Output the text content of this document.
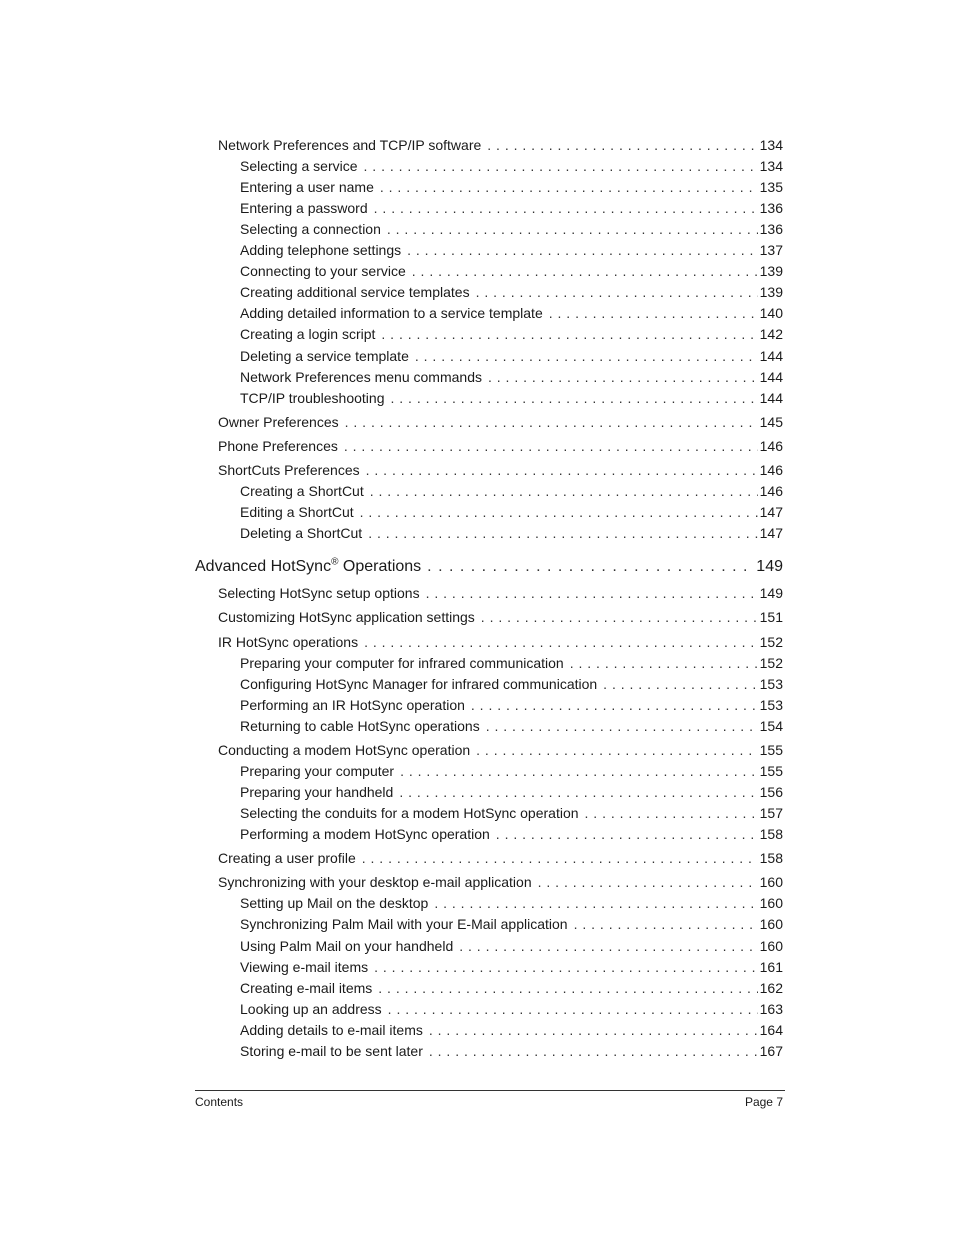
Network Preferences and TCP/IP software . . .	134
Selecting a service . . .	134
Entering a user name . . .	135
Entering a password . . .	136
Selecting a connection . . .	136
Adding telephone settings . . .	137
Connecting to your service . . .	139
Creating additional service templates . . .	139
Adding detailed information to a service template . . .	140
Creating a login script . . .	142
Deleting a service template . . .	144
Network Preferences menu commands . . .	144
TCP/IP troubleshooting . . .	144
Owner Preferences . . .	145
Phone Preferences . . .	146
ShortCuts Preferences . . .	146
Creating a ShortCut . . .	146
Editing a ShortCut . . .	147
Deleting a ShortCut . . .	147
Advanced HotSync® Operations . . .	149
Selecting HotSync setup options . . .	149
Customizing HotSync application settings . . .	151
IR HotSync operations . . .	152
Preparing your computer for infrared communication . . .	152
Configuring HotSync Manager for infrared communication . . .	153
Performing an IR HotSync operation . . .	153
Returning to cable HotSync operations . . .	154
Conducting a modem HotSync operation . . .	155
Preparing your computer . . .	155
Preparing your handheld . . .	156
Selecting the conduits for a modem HotSync operation . . .	157
Performing a modem HotSync operation . . .	158
Creating a user profile . . .	158
Synchronizing with your desktop e-mail application . . .	160
Setting up Mail on the desktop . . .	160
Synchronizing Palm Mail with your E-Mail application . . .	160
Using Palm Mail on your handheld . . .	160
Viewing e-mail items . . .	161
Creating e-mail items . . .	162
Looking up an address . . .	163
Adding details to e-mail items . . .	164
Storing e-mail to be sent later . . .	167
Contents	Page 7
